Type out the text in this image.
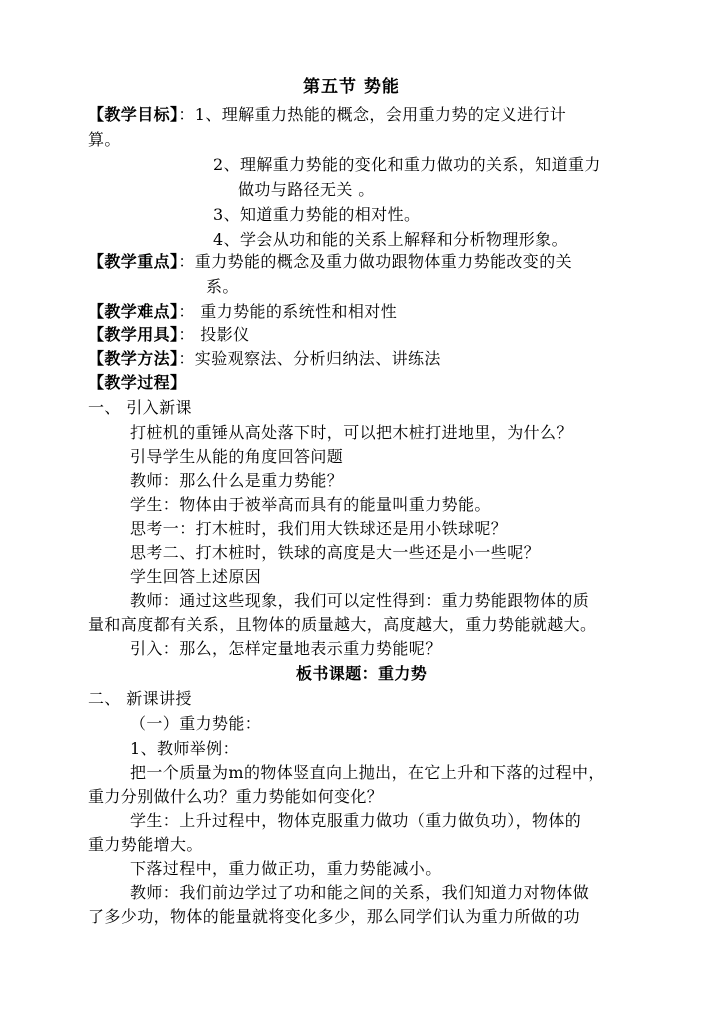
第五节 势能
【教学目标】：1、理解重力热能的概念，会用重力势的定义进行计
算。
2、理解重力势能的变化和重力做功的关系，知道重力
做功与路径无关 。
3、知道重力势能的相对性。
4、学会从功和能的关系上解释和分析物理形象。
【教学重点】：重力势能的概念及重力做功跟物体重力势能改变的关
系。
【教学难点】： 重力势能的系统性和相对性
【教学用具】： 投影仪
【教学方法】：实验观察法、分析归纳法、讲练法
【教学过程】
一、 引入新课
打桩机的重锤从高处落下时，可以把木桩打进地里，为什么？
引导学生从能的角度回答问题
教师：那么什么是重力势能？
学生：物体由于被举高而具有的能量叫重力势能。
思考一：打木桩时，我们用大铁球还是用小铁球呢？
思考二、打木桩时，铁球的高度是大一些还是小一些呢？
学生回答上述原因
教师：通过这些现象，我们可以定性得到：重力势能跟物体的质
量和高度都有关系，且物体的质量越大，高度越大，重力势能就越大。
引入：那么，怎样定量地表示重力势能呢？
板书课题：重力势
二、 新课讲授
（一）重力势能：
1、教师举例：
把一个质量为m的物体竖直向上抛出，在它上升和下落的过程中，
重力分别做什么功？重力势能如何变化？
学生：上升过程中，物体克服重力做功（重力做负功），物体的
重力势能增大。
下落过程中，重力做正功，重力势能减小。
教师：我们前边学过了功和能之间的关系，我们知道力对物体做
了多少功，物体的能量就将变化多少，那么同学们认为重力所做的功
